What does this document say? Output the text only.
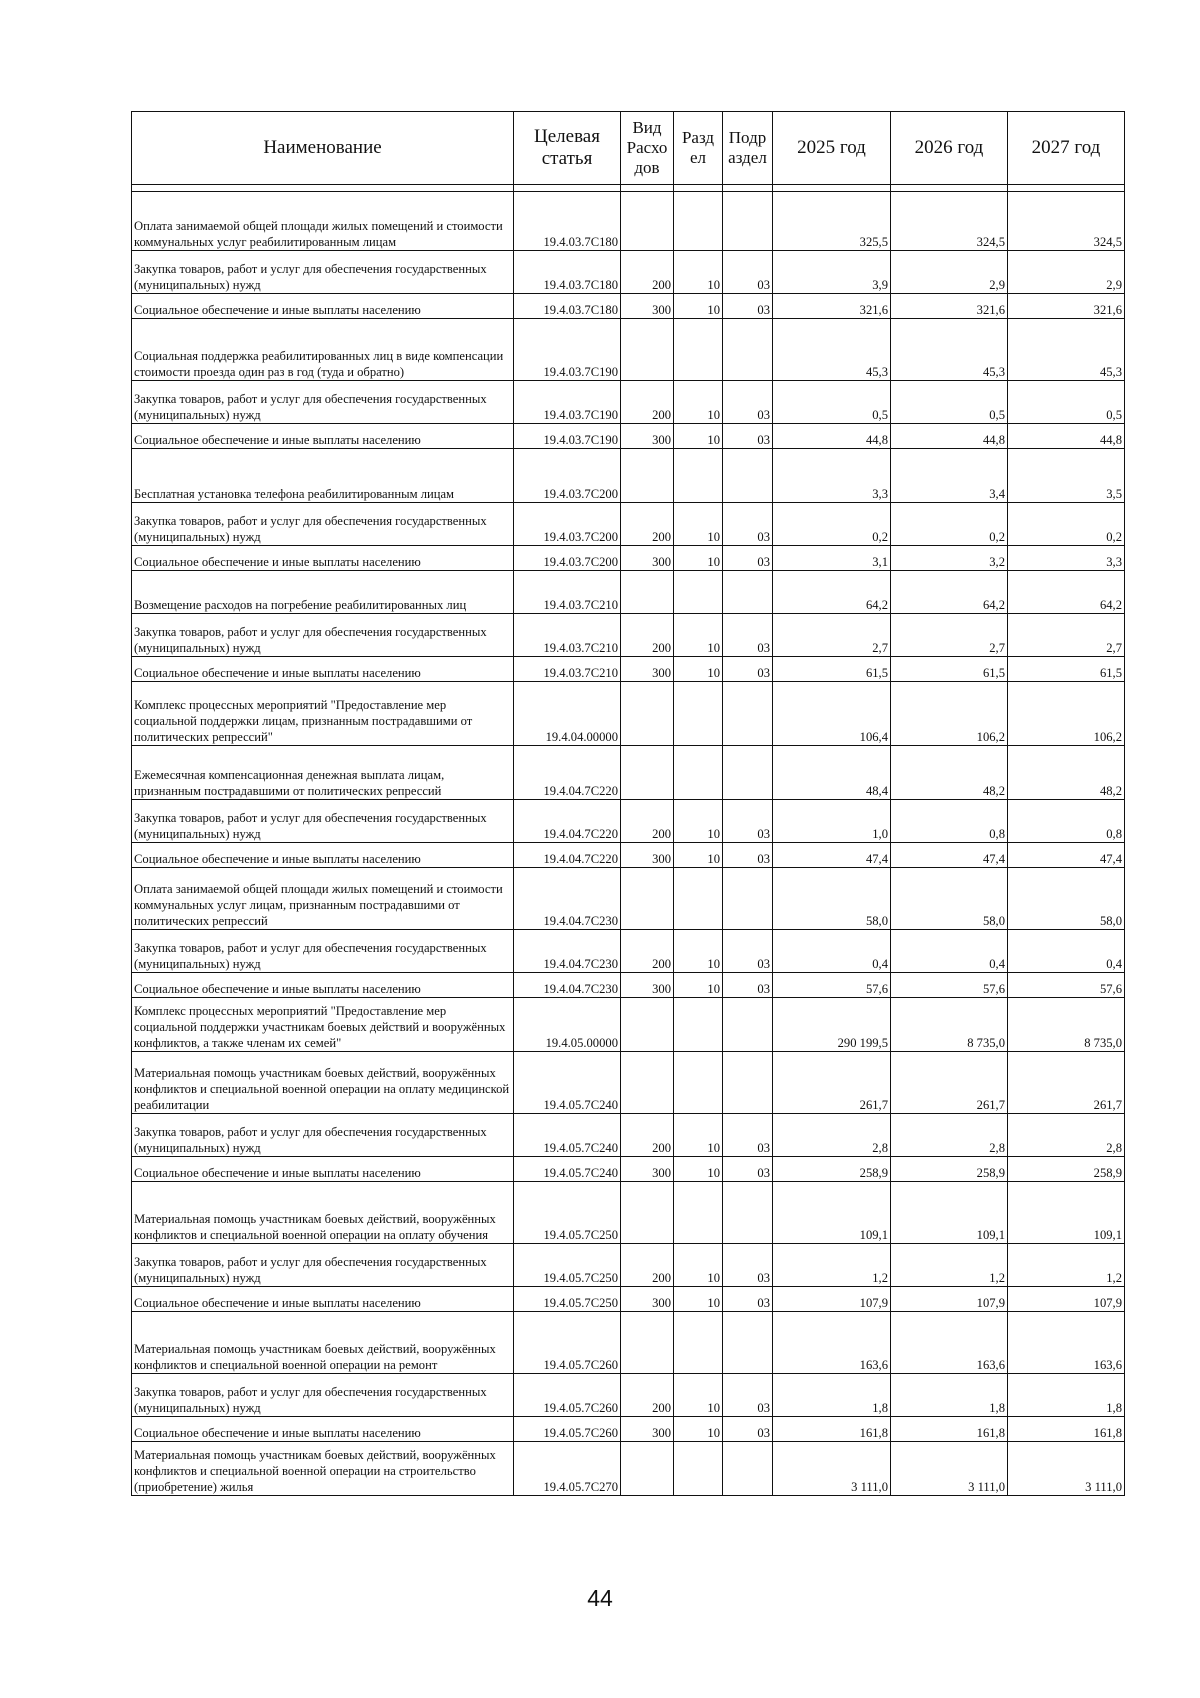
Наименование	Целевая статья	Вид Расхо дов	Разд ел	Подр аздел	2025 год	2026 год	2027 год

Оплата занимаемой общей площади жилых помещений и стоимости коммунальных услуг реабилитированным лицам	19.4.03.7С180				325,5	324,5	324,5
Закупка товаров, работ и услуг для обеспечения государственных (муниципальных) нужд	19.4.03.7С180	200	10	03	3,9	2,9	2,9
Социальное обеспечение и иные выплаты населению	19.4.03.7С180	300	10	03	321,6	321,6	321,6
Социальная поддержка реабилитированных лиц в виде компенсации стоимости проезда один раз в год (туда и обратно)	19.4.03.7С190				45,3	45,3	45,3
Закупка товаров, работ и услуг для обеспечения государственных (муниципальных) нужд	19.4.03.7С190	200	10	03	0,5	0,5	0,5
Социальное обеспечение и иные выплаты населению	19.4.03.7С190	300	10	03	44,8	44,8	44,8
Бесплатная установка телефона реабилитированным лицам	19.4.03.7С200				3,3	3,4	3,5
Закупка товаров, работ и услуг для обеспечения государственных (муниципальных) нужд	19.4.03.7С200	200	10	03	0,2	0,2	0,2
Социальное обеспечение и иные выплаты населению	19.4.03.7С200	300	10	03	3,1	3,2	3,3
Возмещение расходов на погребение реабилитированных лиц	19.4.03.7С210				64,2	64,2	64,2
Закупка товаров, работ и услуг для обеспечения государственных (муниципальных) нужд	19.4.03.7С210	200	10	03	2,7	2,7	2,7
Социальное обеспечение и иные выплаты населению	19.4.03.7С210	300	10	03	61,5	61,5	61,5
Комплекс процессных мероприятий "Предоставление мер социальной поддержки лицам, признанным пострадавшими от политических репрессий"	19.4.04.00000				106,4	106,2	106,2
Ежемесячная компенсационная денежная выплата лицам, признанным пострадавшими от политических репрессий	19.4.04.7С220				48,4	48,2	48,2
Закупка товаров, работ и услуг для обеспечения государственных (муниципальных) нужд	19.4.04.7С220	200	10	03	1,0	0,8	0,8
Социальное обеспечение и иные выплаты населению	19.4.04.7С220	300	10	03	47,4	47,4	47,4
Оплата занимаемой общей площади жилых помещений и стоимости коммунальных услуг лицам, признанным пострадавшими от политических репрессий	19.4.04.7С230				58,0	58,0	58,0
Закупка товаров, работ и услуг для обеспечения государственных (муниципальных) нужд	19.4.04.7С230	200	10	03	0,4	0,4	0,4
Социальное обеспечение и иные выплаты населению	19.4.04.7С230	300	10	03	57,6	57,6	57,6
Комплекс процессных мероприятий "Предоставление мер социальной поддержки участникам боевых действий и вооружённых конфликтов, а также членам их семей"	19.4.05.00000				290 199,5	8 735,0	8 735,0
Материальная помощь участникам боевых действий, вооружённых конфликтов и специальной военной операции на оплату медицинской реабилитации	19.4.05.7С240				261,7	261,7	261,7
Закупка товаров, работ и услуг для обеспечения государственных (муниципальных) нужд	19.4.05.7С240	200	10	03	2,8	2,8	2,8
Социальное обеспечение и иные выплаты населению	19.4.05.7С240	300	10	03	258,9	258,9	258,9
Материальная помощь участникам боевых действий, вооружённых конфликтов и специальной военной операции на оплату обучения	19.4.05.7С250				109,1	109,1	109,1
Закупка товаров, работ и услуг для обеспечения государственных (муниципальных) нужд	19.4.05.7С250	200	10	03	1,2	1,2	1,2
Социальное обеспечение и иные выплаты населению	19.4.05.7С250	300	10	03	107,9	107,9	107,9
Материальная помощь участникам боевых действий, вооружённых конфликтов и специальной военной операции на ремонт	19.4.05.7С260				163,6	163,6	163,6
Закупка товаров, работ и услуг для обеспечения государственных (муниципальных) нужд	19.4.05.7С260	200	10	03	1,8	1,8	1,8
Социальное обеспечение и иные выплаты населению	19.4.05.7С260	300	10	03	161,8	161,8	161,8
Материальная помощь участникам боевых действий, вооружённых конфликтов и специальной военной операции на строительство (приобретение) жилья	19.4.05.7С270				3 111,0	3 111,0	3 111,0
44
